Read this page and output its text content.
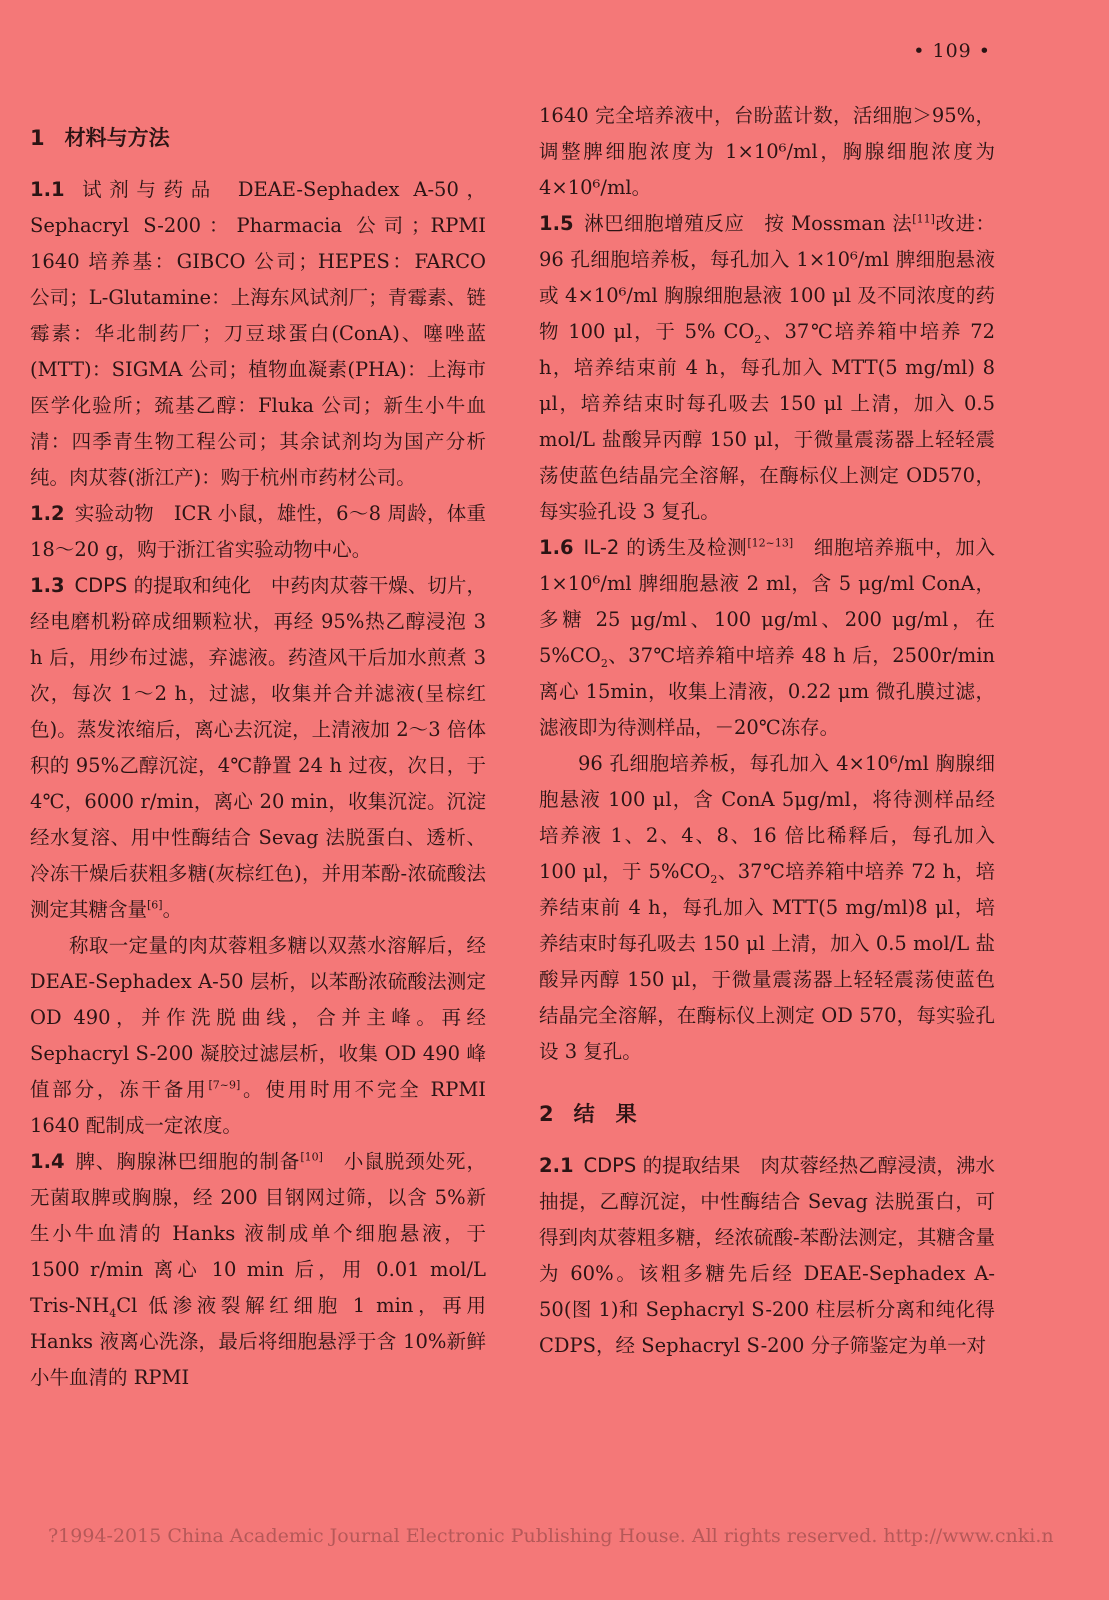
• 109 •
1 材料与方法

1.1 试剂与药品 DEAE-Sephadex A-50，Sephacryl S-200：Pharmacia 公司；RPMI 1640 培养基：GIBCO 公司；HEPES：FARCO 公司；L-Glutamine：上海东风试剂厂；青霉素、链霉素：华北制药厂；刀豆球蛋白(ConA)、噻唑蓝(MTT)：SIGMA 公司；植物血凝素(PHA)：上海市医学化验所；巯基乙醇：Fluka 公司；新生小牛血清：四季青生物工程公司；其余试剂均为国产分析纯。肉苁蓉(浙江产)：购于杭州市药材公司。

1.2 实验动物 ICR 小鼠，雄性，6～8 周龄，体重 18～20 g，购于浙江省实验动物中心。

1.3 CDPS 的提取和纯化 中药肉苁蓉干燥、切片，经电磨机粉碎成细颗粒状，再经 95%热乙醇浸泡 3 h 后，用纱布过滤，弃滤液。药渣风干后加水煎煮 3 次，每次 1～2 h，过滤，收集并合并滤液(呈棕红色)。蒸发浓缩后，离心去沉淀，上清液加 2～3 倍体积的 95%乙醇沉淀，4℃静置 24 h 过夜，次日，于 4℃，6000 r/min，离心 20 min，收集沉淀。沉淀经水复溶、用中性酶结合 Sevag 法脱蛋白、透析、冷冻干燥后获粗多糖(灰棕红色)，并用苯酚-浓硫酸法测定其糖含量[6]。

称取一定量的肉苁蓉粗多糖以双蒸水溶解后，经 DEAE-Sephadex A-50 层析，以苯酚浓硫酸法测定 OD 490，并作洗脱曲线，合并主峰。再经 Sephacryl S-200 凝胶过滤层析，收集 OD 490 峰值部分，冻干备用[7~9]。使用时用不完全 RPMI 1640 配制成一定浓度。

1.4 脾、胸腺淋巴细胞的制备[10] 小鼠脱颈处死，无菌取脾或胸腺，经 200 目钢网过筛，以含 5%新生小牛血清的 Hanks 液制成单个细胞悬液，于 1500 r/min 离心 10 min 后，用 0.01 mol/L Tris-$NH_4Cl$ 低渗液裂解红细胞 1 min，再用 Hanks 液离心洗涤，最后将细胞悬浮于含 10%新鲜小牛血清的 RPMI

1640 完全培养液中，台盼蓝计数，活细胞＞95%，调整脾细胞浓度为 1×10⁶/ml，胸腺细胞浓度为 4×10⁶/ml。

1.5 淋巴细胞增殖反应 按 Mossman 法[11]改进：96 孔细胞培养板，每孔加入 1×10⁶/ml 脾细胞悬液或 4×10⁶/ml 胸腺细胞悬液 100 μl 及不同浓度的药物 100 μl，于 5% $CO_2$、37℃培养箱中培养 72 h，培养结束前 4 h，每孔加入 MTT(5 mg/ml) 8 μl，培养结束时每孔吸去 150 μl 上清，加入 0.5 mol/L 盐酸异丙醇 150 μl，于微量震荡器上轻轻震荡使蓝色结晶完全溶解，在酶标仪上测定 OD570，每实验孔设 3 复孔。

1.6 IL-2 的诱生及检测[12~13] 细胞培养瓶中，加入 1×10⁶/ml 脾细胞悬液 2 ml，含 5 μg/ml ConA，多糖 25 μg/ml、100 μg/ml、200 μg/ml，在 $5\%CO_2$、37℃培养箱中培养 48 h 后，2500r/min 离心 15min，收集上清液，0.22 μm 微孔膜过滤，滤液即为待测样品，－20℃冻存。

96 孔细胞培养板，每孔加入 4×10⁶/ml 胸腺细胞悬液 100 μl，含 ConA 5μg/ml，将待测样品经培养液 1、2、4、8、16 倍比稀释后，每孔加入 100 μl，于 $5\%CO_2$、37℃培养箱中培养 72 h，培养结束前 4 h，每孔加入 MTT(5 mg/ml)8 μl，培养结束时每孔吸去 150 μl 上清，加入 0.5 mol/L 盐酸异丙醇 150 μl，于微量震荡器上轻轻震荡使蓝色结晶完全溶解，在酶标仪上测定 OD 570，每实验孔设 3 复孔。

2 结　果

2.1 CDPS 的提取结果 肉苁蓉经热乙醇浸渍，沸水抽提，乙醇沉淀，中性酶结合 Sevag 法脱蛋白，可得到肉苁蓉粗多糖，经浓硫酸-苯酚法测定，其糖含量为 60%。该粗多糖先后经 DEAE-Sephadex A-50(图 1)和 Sephacryl S-200 柱层析分离和纯化得 CDPS，经 Sephacryl S-200 分子筛鉴定为单一对

?1994-2015 China Academic Journal Electronic Publishing House. All rights reserved. http://www.cnki.n
